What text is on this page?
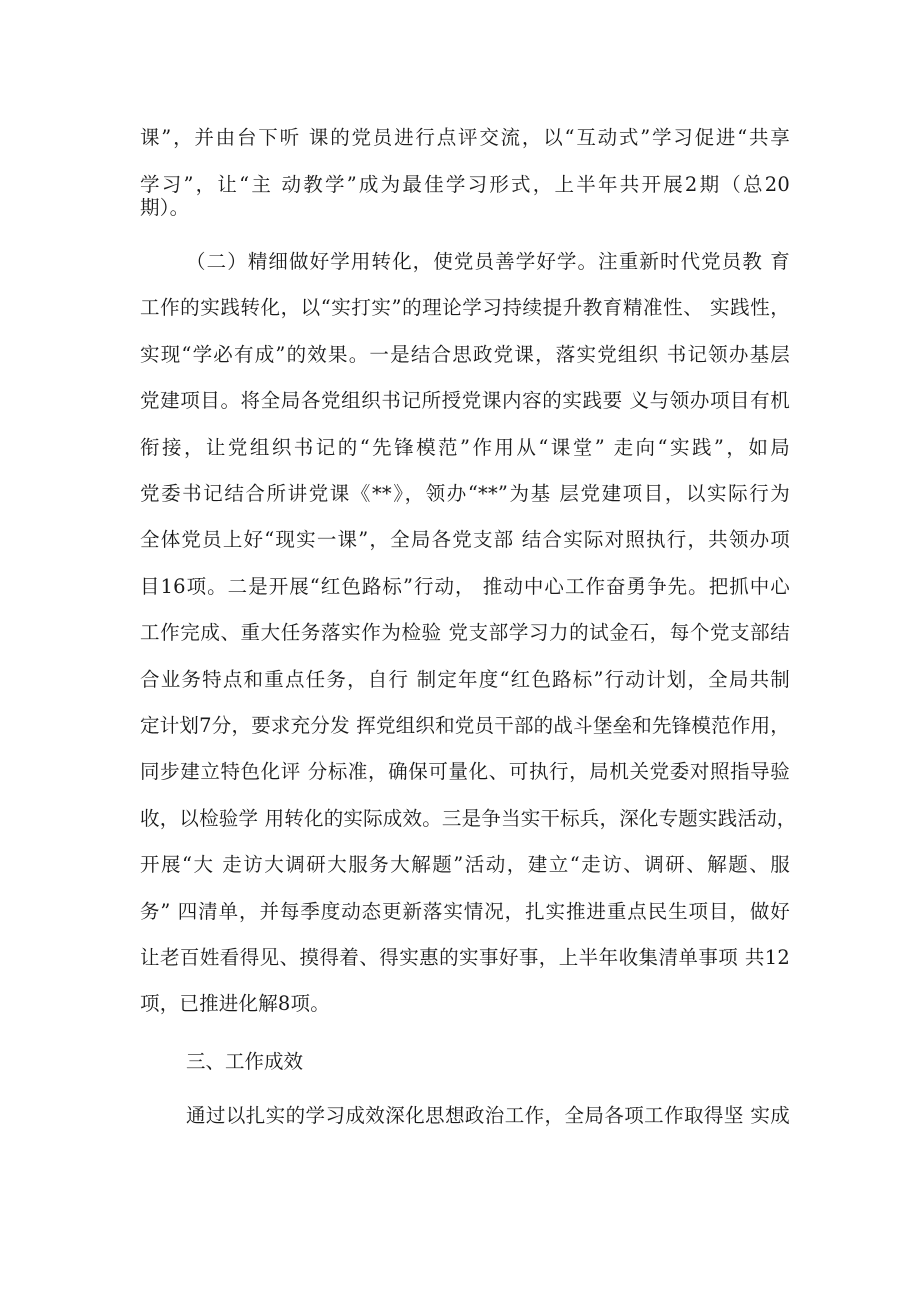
课”，并由台下听 课的党员进行点评交流，以“互动式”学习促进“共享
学习”，让“主 动教学”成为最佳学习形式，上半年共开展2期（总20
期）。
（二）精细做好学用转化，使党员善学好学。注重新时代党员教 育
工作的实践转化，以“实打实”的理论学习持续提升教育精准性、 实践性，
实现“学必有成”的效果。一是结合思政党课，落实党组织 书记领办基层
党建项目。将全局各党组织书记所授党课内容的实践要 义与领办项目有机
衔接，让党组织书记的“先锋模范”作用从“课堂” 走向“实践”，如局
党委书记结合所讲党课《**》，领办“**”为基 层党建项目，以实际行为
全体党员上好“现实一课”，全局各党支部 结合实际对照执行，共领办项
目16项。二是开展“红色路标”行动， 推动中心工作奋勇争先。把抓中心
工作完成、重大任务落实作为检验 党支部学习力的试金石，每个党支部结
合业务特点和重点任务，自行 制定年度“红色路标”行动计划，全局共制
定计划7分，要求充分发 挥党组织和党员干部的战斗堡垒和先锋模范作用，
同步建立特色化评 分标准，确保可量化、可执行，局机关党委对照指导验
收，以检验学 用转化的实际成效。三是争当实干标兵，深化专题实践活动，
开展“大 走访大调研大服务大解题”活动，建立“走访、调研、解题、服
务” 四清单，并每季度动态更新落实情况，扎实推进重点民生项目，做好
让老百姓看得见、摸得着、得实惠的实事好事，上半年收集清单事项 共12
项，已推进化解8项。
三、工作成效
通过以扎实的学习成效深化思想政治工作，全局各项工作取得坚 实成
